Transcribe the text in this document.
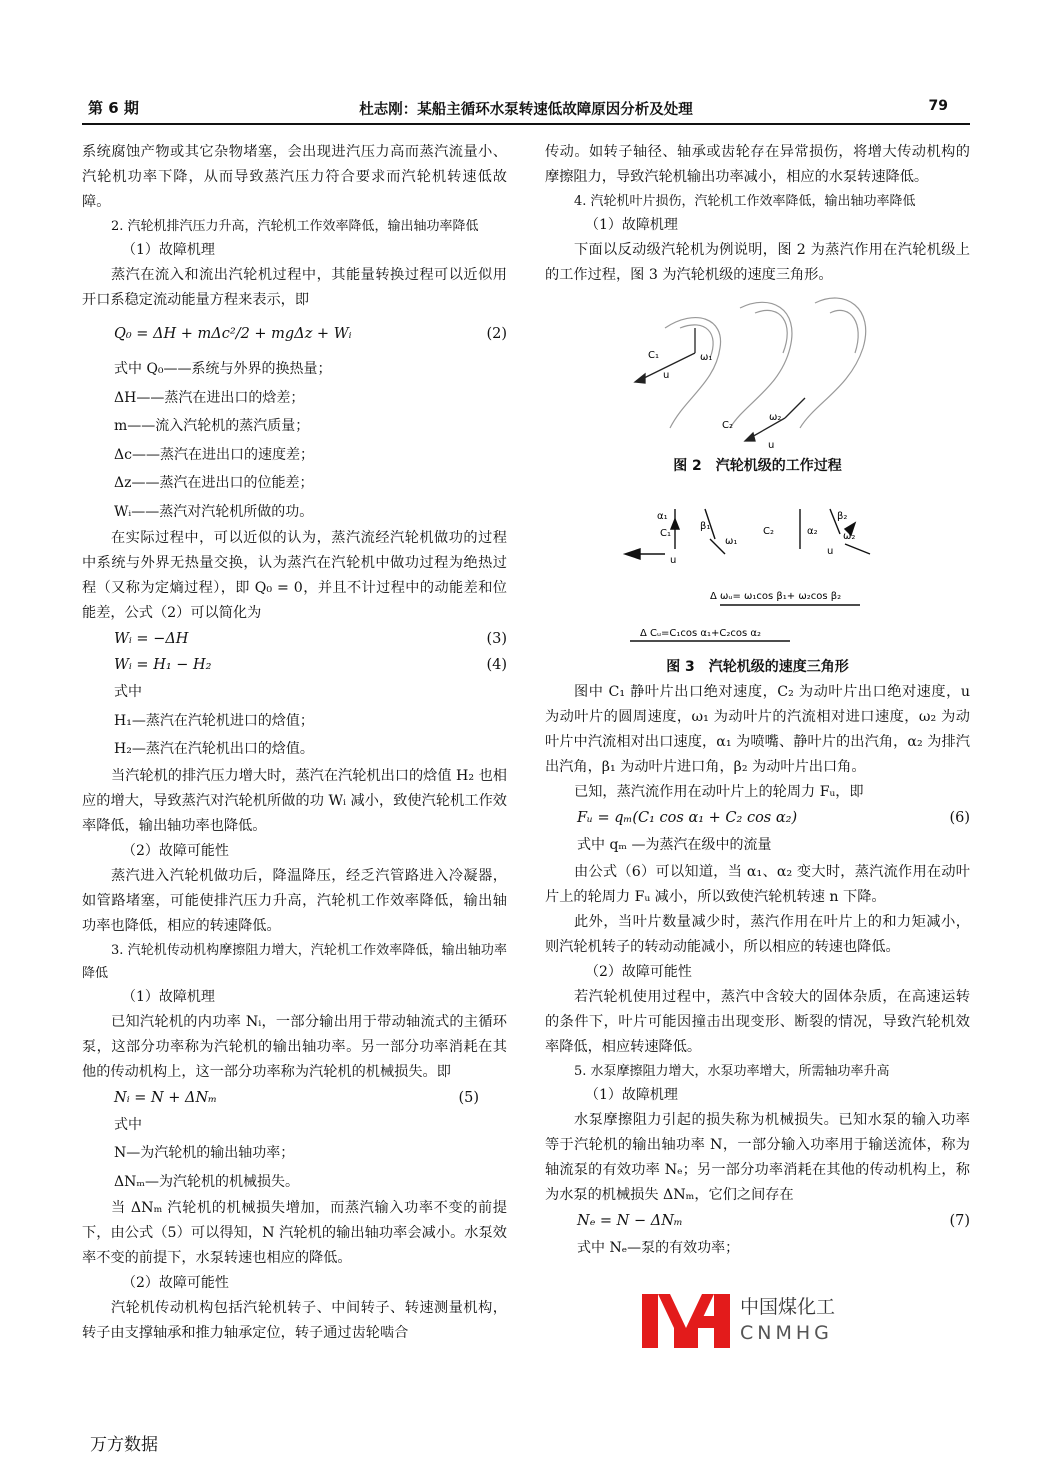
第 6 期	杜志刚：某船主循环水泵转速低故障原因分析及处理	79

系统腐蚀产物或其它杂物堵塞，会出现进汽压力高而蒸汽流量小、汽轮机功率下降，从而导致蒸汽压力符合要求而汽轮机转速低故障。

2. 汽轮机排汽压力升高，汽轮机工作效率降低，输出轴功率降低

（1）故障机理

蒸汽在流入和流出汽轮机过程中，其能量转换过程可以近似用开口系稳定流动能量方程来表示，即

Q₀ = ΔH + mΔc²/2 + mgΔz + Wᵢ	(2)

式中 Q₀——系统与外界的换热量；

ΔH——蒸汽在进出口的焓差；

m——流入汽轮机的蒸汽质量；

Δc——蒸汽在进出口的速度差；

Δz——蒸汽在进出口的位能差；

Wᵢ——蒸汽对汽轮机所做的功。

在实际过程中，可以近似的认为，蒸汽流经汽轮机做功的过程中系统与外界无热量交换，认为蒸汽在汽轮机中做功过程为绝热过程（又称为定熵过程），即 Q₀ = 0，并且不计过程中的动能差和位能差，公式（2）可以简化为

Wᵢ = −ΔH	(3)
Wᵢ = H₁ − H₂	(4)

式中

H₁—蒸汽在汽轮机进口的焓值；

H₂—蒸汽在汽轮机出口的焓值。

当汽轮机的排汽压力增大时，蒸汽在汽轮机出口的焓值 H₂ 也相应的增大，导致蒸汽对汽轮机所做的功 Wᵢ 减小，致使汽轮机工作效率降低，输出轴功率也降低。

（2）故障可能性

蒸汽进入汽轮机做功后，降温降压，经乏汽管路进入冷凝器，如管路堵塞，可能使排汽压力升高，汽轮机工作效率降低，输出轴功率也降低，相应的转速降低。

3. 汽轮机传动机构摩擦阻力增大，汽轮机工作效率降低，输出轴功率降低

（1）故障机理

已知汽轮机的内功率 Nᵢ，一部分输出用于带动轴流式的主循环泵，这部分功率称为汽轮机的输出轴功率。另一部分功率消耗在其他的传动机构上，这一部分功率称为汽轮机的机械损失。即

Nᵢ = N + ΔNₘ	(5)

式中

N—为汽轮机的输出轴功率；

ΔNₘ—为汽轮机的机械损失。

当 ΔNₘ 汽轮机的机械损失增加，而蒸汽输入功率不变的前提下，由公式（5）可以得知，N 汽轮机的输出轴功率会减小。水泵效率不变的前提下，水泵转速也相应的降低。

（2）故障可能性

汽轮机传动机构包括汽轮机转子、中间转子、转速测量机构，转子由支撑轴承和推力轴承定位，转子通过齿轮啮合

传动。如转子轴径、轴承或齿轮存在异常损伤，将增大传动机构的摩擦阻力，导致汽轮机输出功率减小，相应的水泵转速降低。

4. 汽轮机叶片损伤，汽轮机工作效率降低，输出轴功率降低

（1）故障机理

下面以反动级汽轮机为例说明，图 2 为蒸汽作用在汽轮机级上的工作过程，图 3 为汽轮机级的速度三角形。

C₁	ω₁
u
C₂
ω₂
u

图 2　汽轮机级的工作过程

α₁
β₁
C₁
ω₁
u
C₂	α₂
β₂
ω₂
u
Δ ωᵤ= ω₁cos β₁+ ω₂cos β₂
Δ Cᵤ=C₁cos α₁+C₂cos α₂

图 3　汽轮机级的速度三角形

图中 C₁ 静叶片出口绝对速度，C₂ 为动叶片出口绝对速度，u 为动叶片的圆周速度，ω₁ 为动叶片的汽流相对进口速度，ω₂ 为动叶片中汽流相对出口速度，α₁ 为喷嘴、静叶片的出汽角，α₂ 为排汽出汽角，β₁ 为动叶片进口角，β₂ 为动叶片出口角。

已知，蒸汽流作用在动叶片上的轮周力 Fᵤ，即

Fᵤ = qₘ(C₁ cos α₁ + C₂ cos α₂)	(6)

式中 qₘ —为蒸汽在级中的流量

由公式（6）可以知道，当 α₁、α₂ 变大时，蒸汽流作用在动叶片上的轮周力 Fᵤ 减小，所以致使汽轮机转速 n 下降。

此外，当叶片数量减少时，蒸汽作用在叶片上的和力矩减小，则汽轮机转子的转动动能减小，所以相应的转速也降低。

（2）故障可能性

若汽轮机使用过程中，蒸汽中含较大的固体杂质，在高速运转的条件下，叶片可能因撞击出现变形、断裂的情况，导致汽轮机效率降低，相应转速降低。

5. 水泵摩擦阻力增大，水泵功率增大，所需轴功率升高

（1）故障机理

水泵摩擦阻力引起的损失称为机械损失。已知水泵的输入功率等于汽轮机的输出轴功率 N，一部分输入功率用于输送流体，称为轴流泵的有效功率 Nₑ；另一部分功率消耗在其他的传动机构上，称为水泵的机械损失 ΔNₘ，它们之间存在

Nₑ = N − ΔNₘ	(7)

式中 Nₑ—泵的有效功率；

中国煤化工
CNMHG
万方数据
